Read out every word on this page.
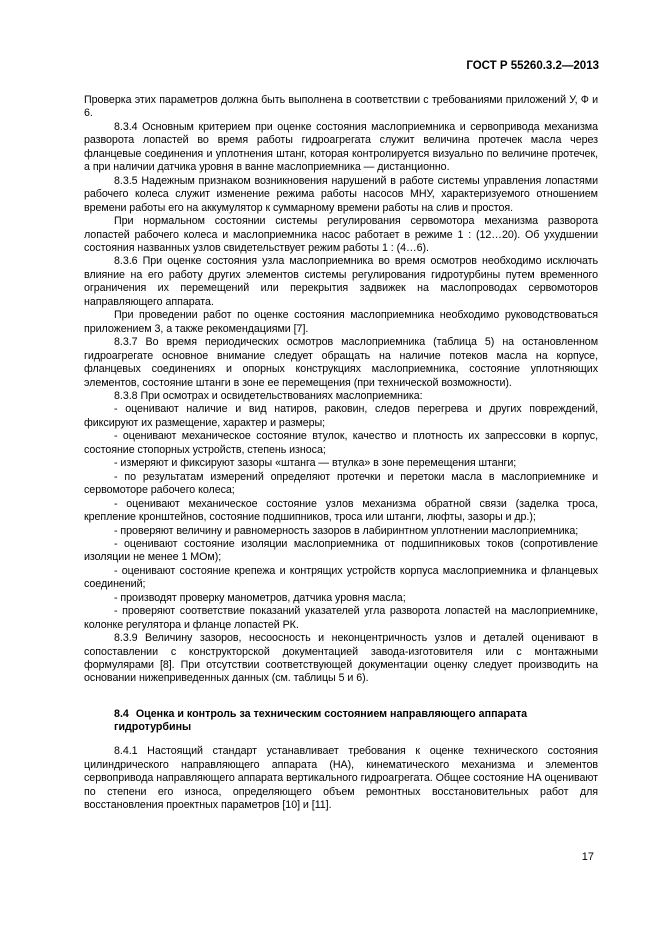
ГОСТ Р 55260.3.2—2013

Проверка этих параметров должна быть выполнена в соответствии с требованиями приложений У, Ф и 6.

8.3.4 Основным критерием при оценке состояния маслоприемника и сервопривода механизма разворота лопастей во время работы гидроагрегата служит величина протечек масла через фланцевые соединения и уплотнения штанг, которая контролируется визуально по величине протечек, а при наличии датчика уровня в ванне маслоприемника — дистанционно.

8.3.5 Надежным признаком возникновения нарушений в работе системы управления лопастями рабочего колеса служит изменение режима работы насосов МНУ, характеризуемого отношением времени работы его на аккумулятор к суммарному времени работы на слив и простоя.

При нормальном состоянии системы регулирования сервомотора механизма разворота лопастей рабочего колеса и маслоприемника насос работает в режиме 1 : (12…20). Об ухудшении состояния названных узлов свидетельствует режим работы 1 : (4…6).

8.3.6 При оценке состояния узла маслоприемника во время осмотров необходимо исключать влияние на его работу других элементов системы регулирования гидротурбины путем временного ограничения их перемещений или перекрытия задвижек на маслопроводах сервомоторов направляющего аппарата.

При проведении работ по оценке состояния маслоприемника необходимо руководствоваться приложением 3, а также рекомендациями [7].

8.3.7 Во время периодических осмотров маслоприемника (таблица 5) на остановленном гидроагрегате основное внимание следует обращать на наличие потеков масла на корпусе, фланцевых соединениях и опорных конструкциях маслоприемника, состояние уплотняющих элементов, состояние штанги в зоне ее перемещения (при технической возможности).

8.3.8 При осмотрах и освидетельствованиях маслоприемника:

- оценивают наличие и вид натиров, раковин, следов перегрева и других повреждений, фиксируют их размещение, характер и размеры;

- оценивают механическое состояние втулок, качество и плотность их запрессовки в корпус, состояние стопорных устройств, степень износа;

- измеряют и фиксируют зазоры «штанга — втулка» в зоне перемещения штанги;

- по результатам измерений определяют протечки и перетоки масла в маслоприемнике и сервомоторе рабочего колеса;

- оценивают механическое состояние узлов механизма обратной связи (заделка троса, крепление кронштейнов, состояние подшипников, троса или штанги, люфты, зазоры и др.);

- проверяют величину и равномерность зазоров в лабиринтном уплотнении маслоприемника;

- оценивают состояние изоляции маслоприемника от подшипниковых токов (сопротивление изоляции не менее 1 МОм);

- оценивают состояние крепежа и контрящих устройств корпуса маслоприемника и фланцевых соединений;

- производят проверку манометров, датчика уровня масла;

- проверяют соответствие показаний указателей угла разворота лопастей на маслоприемнике, колонке регулятора и фланце лопастей РК.

8.3.9 Величину зазоров, несоосность и неконцентричность узлов и деталей оценивают в сопоставлении с конструкторской документацией завода-изготовителя или с монтажными формулярами [8]. При отсутствии соответствующей документации оценку следует производить на основании нижеприведенных данных (см. таблицы 5 и 6).

8.4 Оценка и контроль за техническим состоянием направляющего аппарата
гидротурбины

8.4.1 Настоящий стандарт устанавливает требования к оценке технического состояния цилиндрического направляющего аппарата (НА), кинематического механизма и элементов сервопривода направляющего аппарата вертикального гидроагрегата. Общее состояние НА оценивают по степени его износа, определяющего объем ремонтных восстановительных работ для восстановления проектных параметров [10] и [11].

17
